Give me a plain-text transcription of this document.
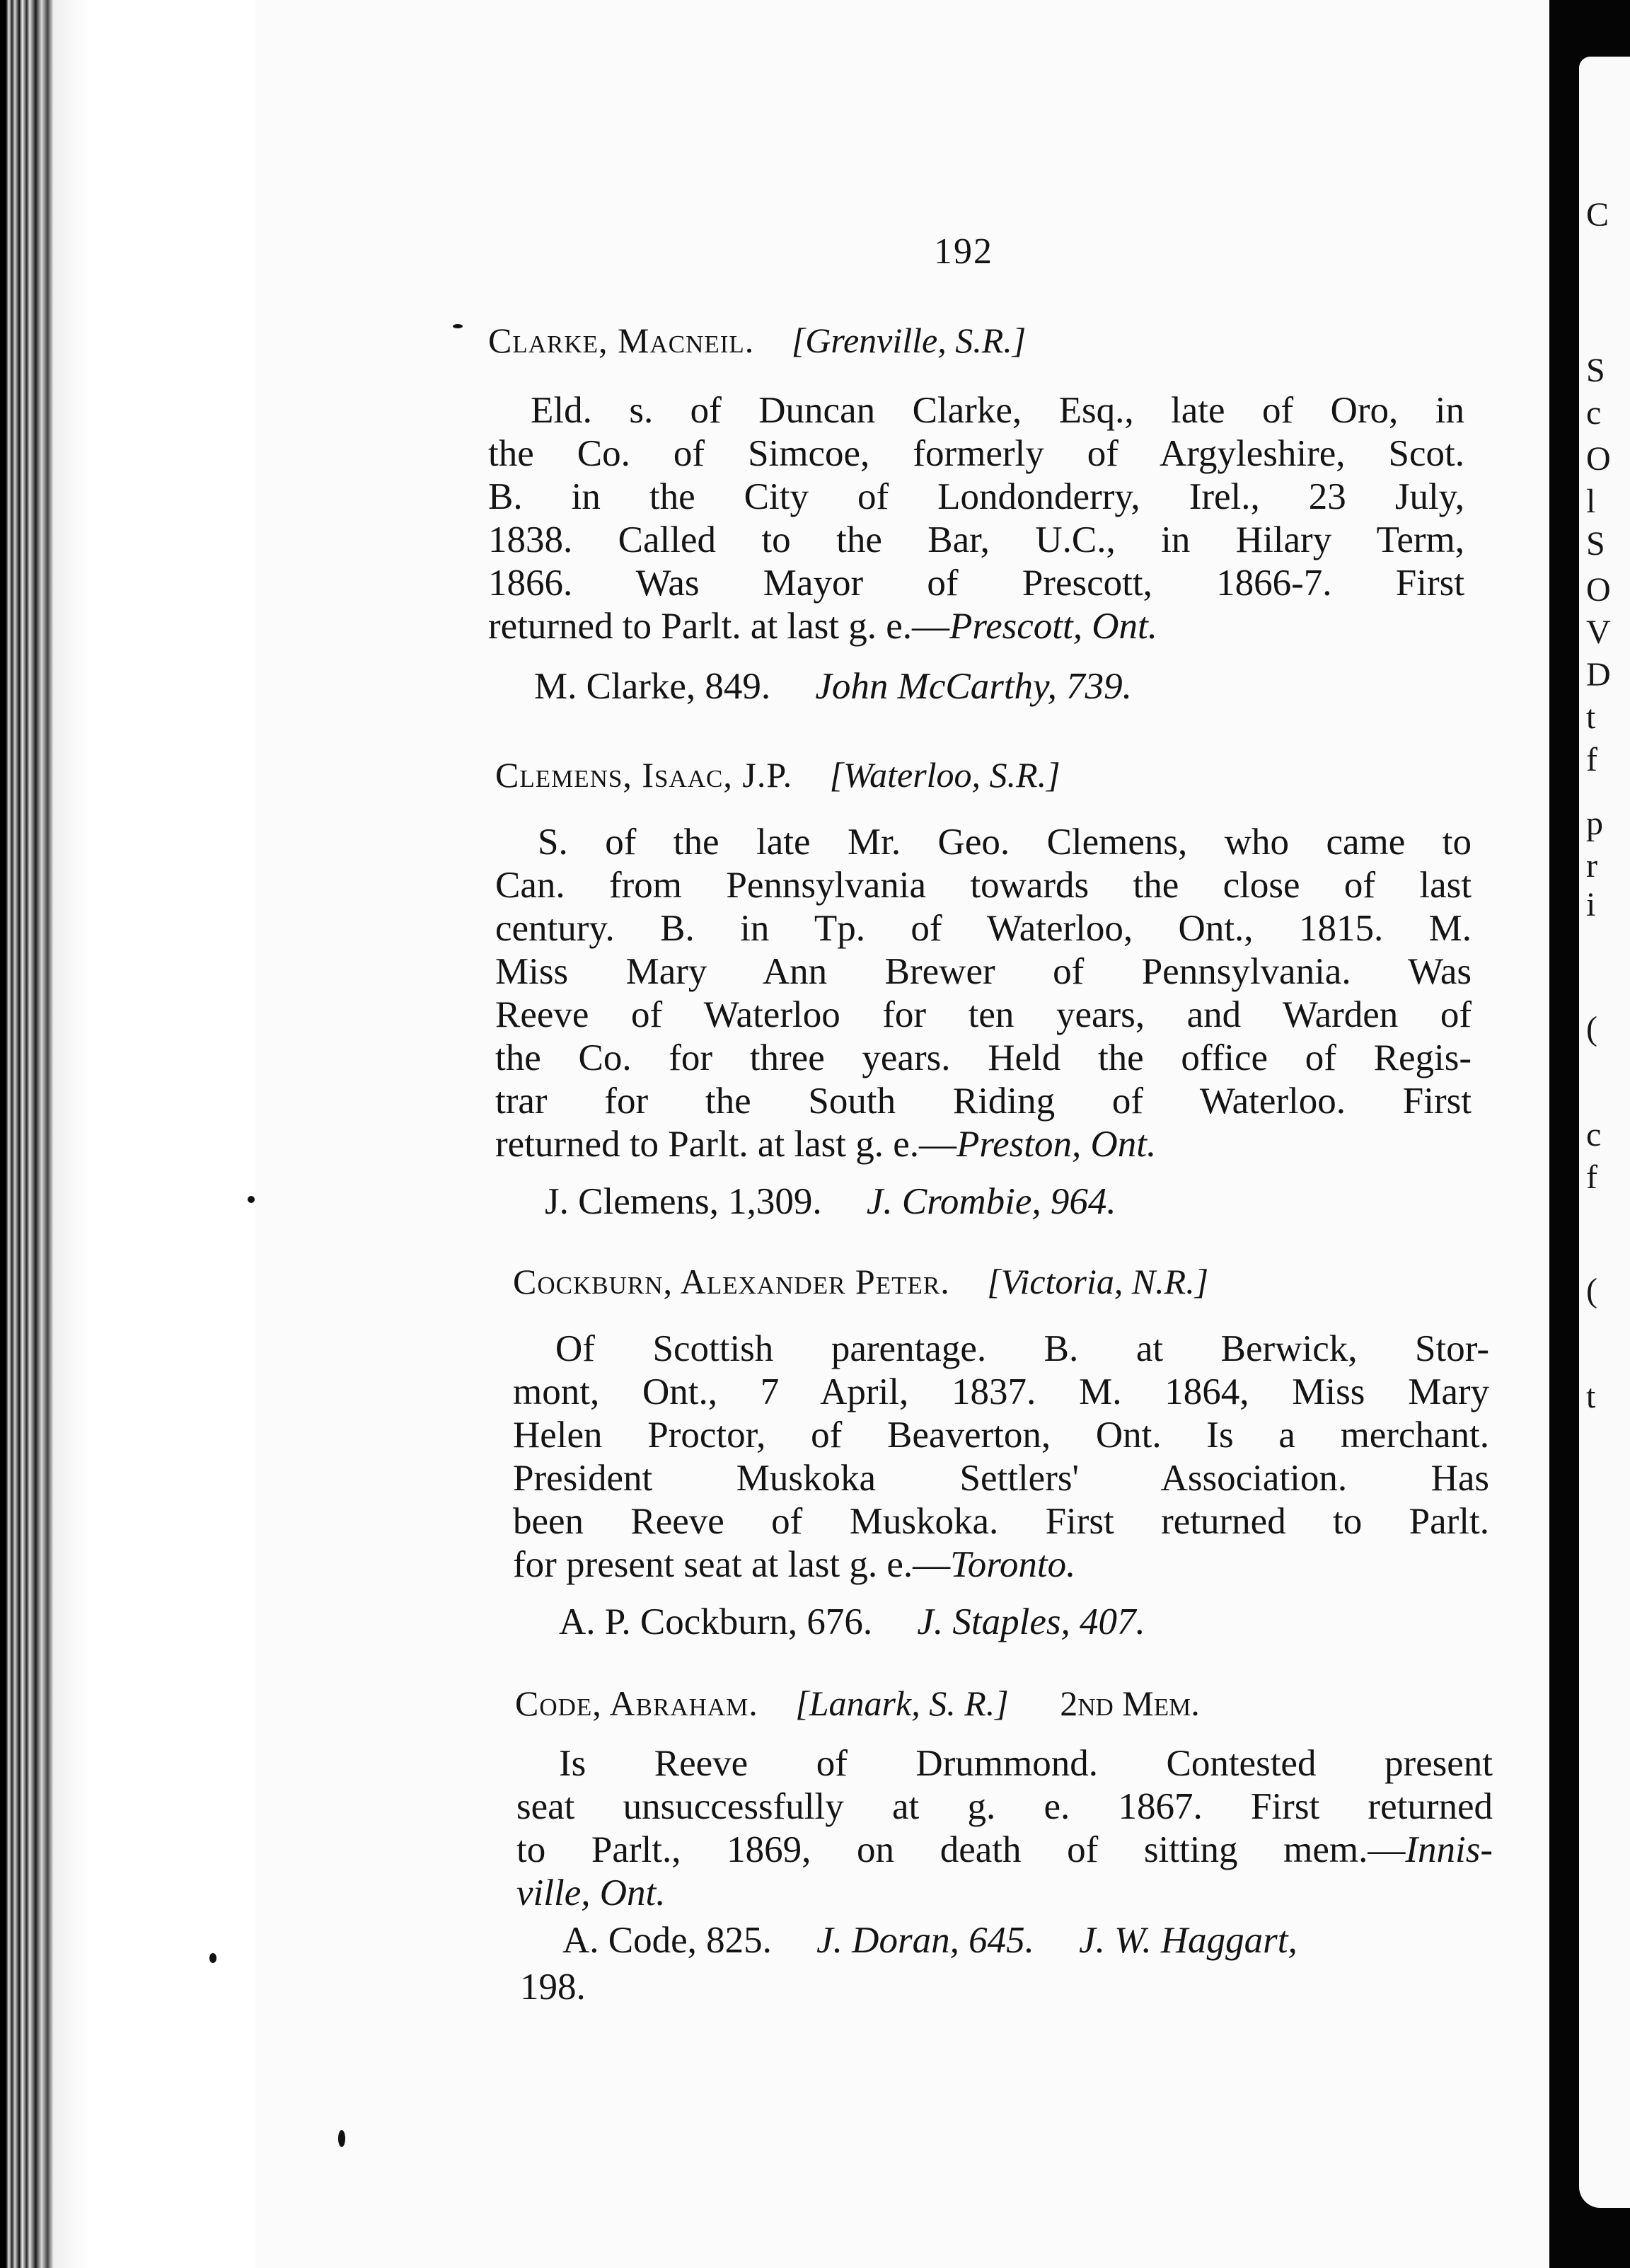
C
S
c
O
l
S
O
V
D
t
f
p
r
i
(
c
f
(
t
192
Clarke, Macneil. [Grenville, S.R.]
Eld. s. of Duncan Clarke, Esq., late of Oro, in
the Co. of Simcoe, formerly of Argyleshire, Scot.
B. in the City of Londonderry, Irel., 23 July,
1838. Called to the Bar, U.C., in Hilary Term,
1866. Was Mayor of Prescott, 1866-7. First
returned to Parlt. at last g. e.—Prescott, Ont.
M. Clarke, 849. John McCarthy, 739.
Clemens, Isaac, J.P. [Waterloo, S.R.]
S. of the late Mr. Geo. Clemens, who came to
Can. from Pennsylvania towards the close of last
century. B. in Tp. of Waterloo, Ont., 1815. M.
Miss Mary Ann Brewer of Pennsylvania. Was
Reeve of Waterloo for ten years, and Warden of
the Co. for three years. Held the office of Regis-
trar for the South Riding of Waterloo. First
returned to Parlt. at last g. e.—Preston, Ont.
J. Clemens, 1,309. J. Crombie, 964.
Cockburn, Alexander Peter. [Victoria, N.R.]
Of Scottish parentage. B. at Berwick, Stor-
mont, Ont., 7 April, 1837. M. 1864, Miss Mary
Helen Proctor, of Beaverton, Ont. Is a merchant.
President Muskoka Settlers' Association. Has
been Reeve of Muskoka. First returned to Parlt.
for present seat at last g. e.—Toronto.
A. P. Cockburn, 676. J. Staples, 407.
Code, Abraham. [Lanark, S. R.] 2nd Mem.
Is Reeve of Drummond. Contested present
seat unsuccessfully at g. e. 1867. First returned
to Parlt., 1869, on death of sitting mem.—Innis-
ville, Ont.
A. Code, 825. J. Doran, 645. J. W. Haggart,
198.
